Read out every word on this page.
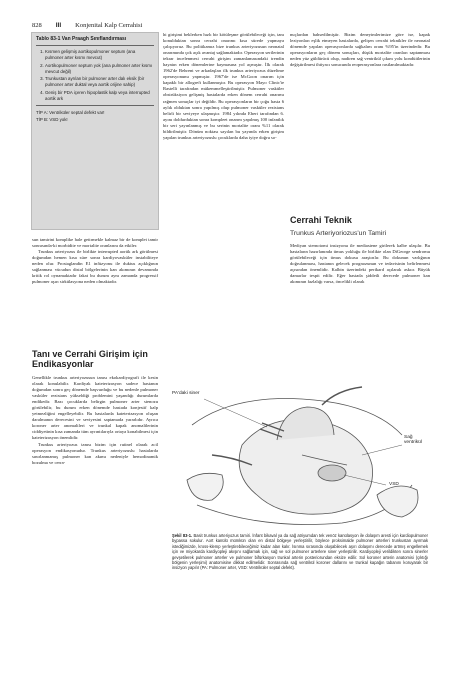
828 III Konjenital Kalp Cerrahisi
Tablo 83-1 Van Praagh Sınıflandırması
1. Kısmen gelişmiş aortikopulmoner septum (ana pulmoner arter kısmı mevcut)
2. Aortikopulmoner septum yok (ana pulmoner arter kısmı mevcut değil)
3. Trunkustan ayrılan bir pulmoner arter dalı eksik (bir pulmoner arter duktal veya aortik orijine sahip)
4. Geniş bir PDA içeren hipoplastik kalp veya interrupted aortik ark
TİP A: Ventriküler septal defekt var!
TİP B: VSD yok!

sun tamirini komplike hale getirmekle kalmaz bir de komplet tamir sonrasında-ki morbidite ve mortalite oranlarını da etkiler.

Trunkus arteriyozus ile birlikte interrupted aortik ark görülmesi doğumdan hemen kısa süre sonra kardiyovasküler instabiliteye neden olur. Prostaglandin E1 infüzyonu ile duktus açıklığının sağlanması vücudun distal bölgelerinin kan akımının devamında kritik rol oynamaktadır fakat bu durum aynı zamanda progressif pulmoner aşırı sirkülasyona neden olmaktadır.

Tanı ve Cerrahi Girişim için Endikasyonlar

Genellikle trunkus arteriyozusun tanısı ekokardiyografi ile kesin olarak konulabilir. Kardiyak kateterizasyon sadece hastanın doğumdan sonra geç dönemde başvurduğu ve bu nedenle pulmoner vasküler rezistans yükseldiği problemini yaşandığı durumlarda endikedir. Bazı çocuklarda belirgin pulmoner arter stenozu görülebilir, bu durum erken dönemde hastada konjestif kalp yetmezliğini engelleyebilir. Bu hastalarda kateterizasyon oluşan daralmanın derecesini ve seviyesini saptamada yararlıdır. Ayrıca koroner arter anomalileri ve trunkal kapak anomalilerinin ciddiyetinin kısa zamanda tüm ayrıntılarıyla ortaya konabilmesi için kateterizasyon önemlidir.

Trunkus arteriyozus tanısı bizim için rutinel olarak acil operasyon endikasyonudur. Trunkus arteriyozuslu hastalarda sınırlanmamış pulmoner kan akımı nedeniyle hemodinamik bozulma ve cerra-

hi girişimi beklerken hızlı bir kötüleşme görülebileceği için, tanı konulduktan sonra cerrahi onarımı kısa sürede yapmaya çalışıyoruz. Bu politikamız bize trunkus arteriyozusun neonatal onarımında çok açık avantaj sağlamaktadır. Operasyon serilerinin tekrar incelenmesi cerrahi girişim zamanlamasındaki trendin hayatın erken dönemlerine kaymasına yol açmıştır. İlk olarak 1962'de Behrent ve arkadaşları ilk trunkus arteriyozus düzeltme operasyonunu yapmıştır. 1967'de ise McGoon onarım için kapaklı bir allogreft kullanmıştır. Bu operasyon Mayo Clinic'te Rastelli tarafından mükemmelleştirilmiştir. Pulmoner vasküler obstrüksiyon gelişmiş hastalarda erken dönem cerrahi onarımı rağmen sonuçlar iyi değildir. Bu operasyonların bir çoğu hasta 6 aylık olduktan sonra yapılmış olup pulmoner vasküler rezistans belirli bir seviyeye ulaşmıştır. 1984 yılında Ebert tarafından 6. ayını doldurduktan sonra kompleet onarım yapılmış 100 infantlık bir seri yayınlanmış ve bu serinin mortalite oranı %11 olarak bildirilmiştir. Dönüm noktası sayılan bu yayında erken girişim yapılan trunkus arteriyozuslu çocuklarda daha iyiye doğru so-

nuçlardan bahsedilmiştir. Bizim deneyimlerimize göre ise, kapak leziyonları eşlik etmeyen hastalarda, gelişen cerrahi teknikler ile neonatal dönemde yapılan operasyonlarda sağkalım oranı %95'in üzerindedir. Bu operasyonların geç dönem sonuçları, düşük mortalite oranları saptanması neden yüz güldürücü olup, nadiren sağ ventrikül çıkım yolu kondüitlerinin değiştirilmesi ihtiyacı sonucunda reoperasyonlara rastlanılmaktadır.

Cerrahi Teknik
Trunkus Arteriyoriozus'un Tamiri

Mediyan sternotomi insizyonu ile mediastene girilerek kalbe ulaşılır. Bu hastaların hazırlanında timus yokluğu ile birlikte olan DiGeorge sendromu görülebileceği için timus dokusu araştırılır. Bu dokunun varlığının doğrulanması, hastanın gelecek prognozunun ve tedavisinin belirlenmesi açısından önemlidir. Kalbin üzerindeki perikard açılarak askıır. Büyük damarlar tespit edilir. Eğer hastada şiddetli derecede pulmoner kan akımının fazlalığı varsa, öncelikli olarak

PA'daki siner
Sağ ventrikül
VSD
Şekil 83-1. Basit trunkus arteriyozus tamiri. İnfant bikaval ya da sağ atriyumdan tek venöz kanülasyon ile dolaşım aresti için kardiopulmoner bypassa sokulur. Aort kanülü mümkün olan en distal bölgeye yerleştirilir, böylece proksimalde pulmoner arterleri trunkustan ayırmak istediğimizde, kross-klemp yerleştirebileceğimiz kadar alan kalır. İsınma sırasında oluşabilecek aşırı dolaşımı derecede artmış engellemek için ve miyokarda kardiyopleji akışını sağlamak için, sağ ve sol pulmoner arterlere siner yerleştirilir. Kardiyopleji verildikten sonra sinerler gevşetilerek pulmoner arterler ve pulmoner bifürkasyon trunkal arterin posteriorundan eksize edilir. Sol koroner arterin anatomisi (çıktığı bölgenin yerleşimi) anatomisine dikkat edilmelidir. Sonrasında sağ ventrikül koroner dallarını ve trunkal kapağın tabanını koruyarak bir insizyon yapılır (PA: Pulmoner arter, VSD: Ventriküler septal defekt).
